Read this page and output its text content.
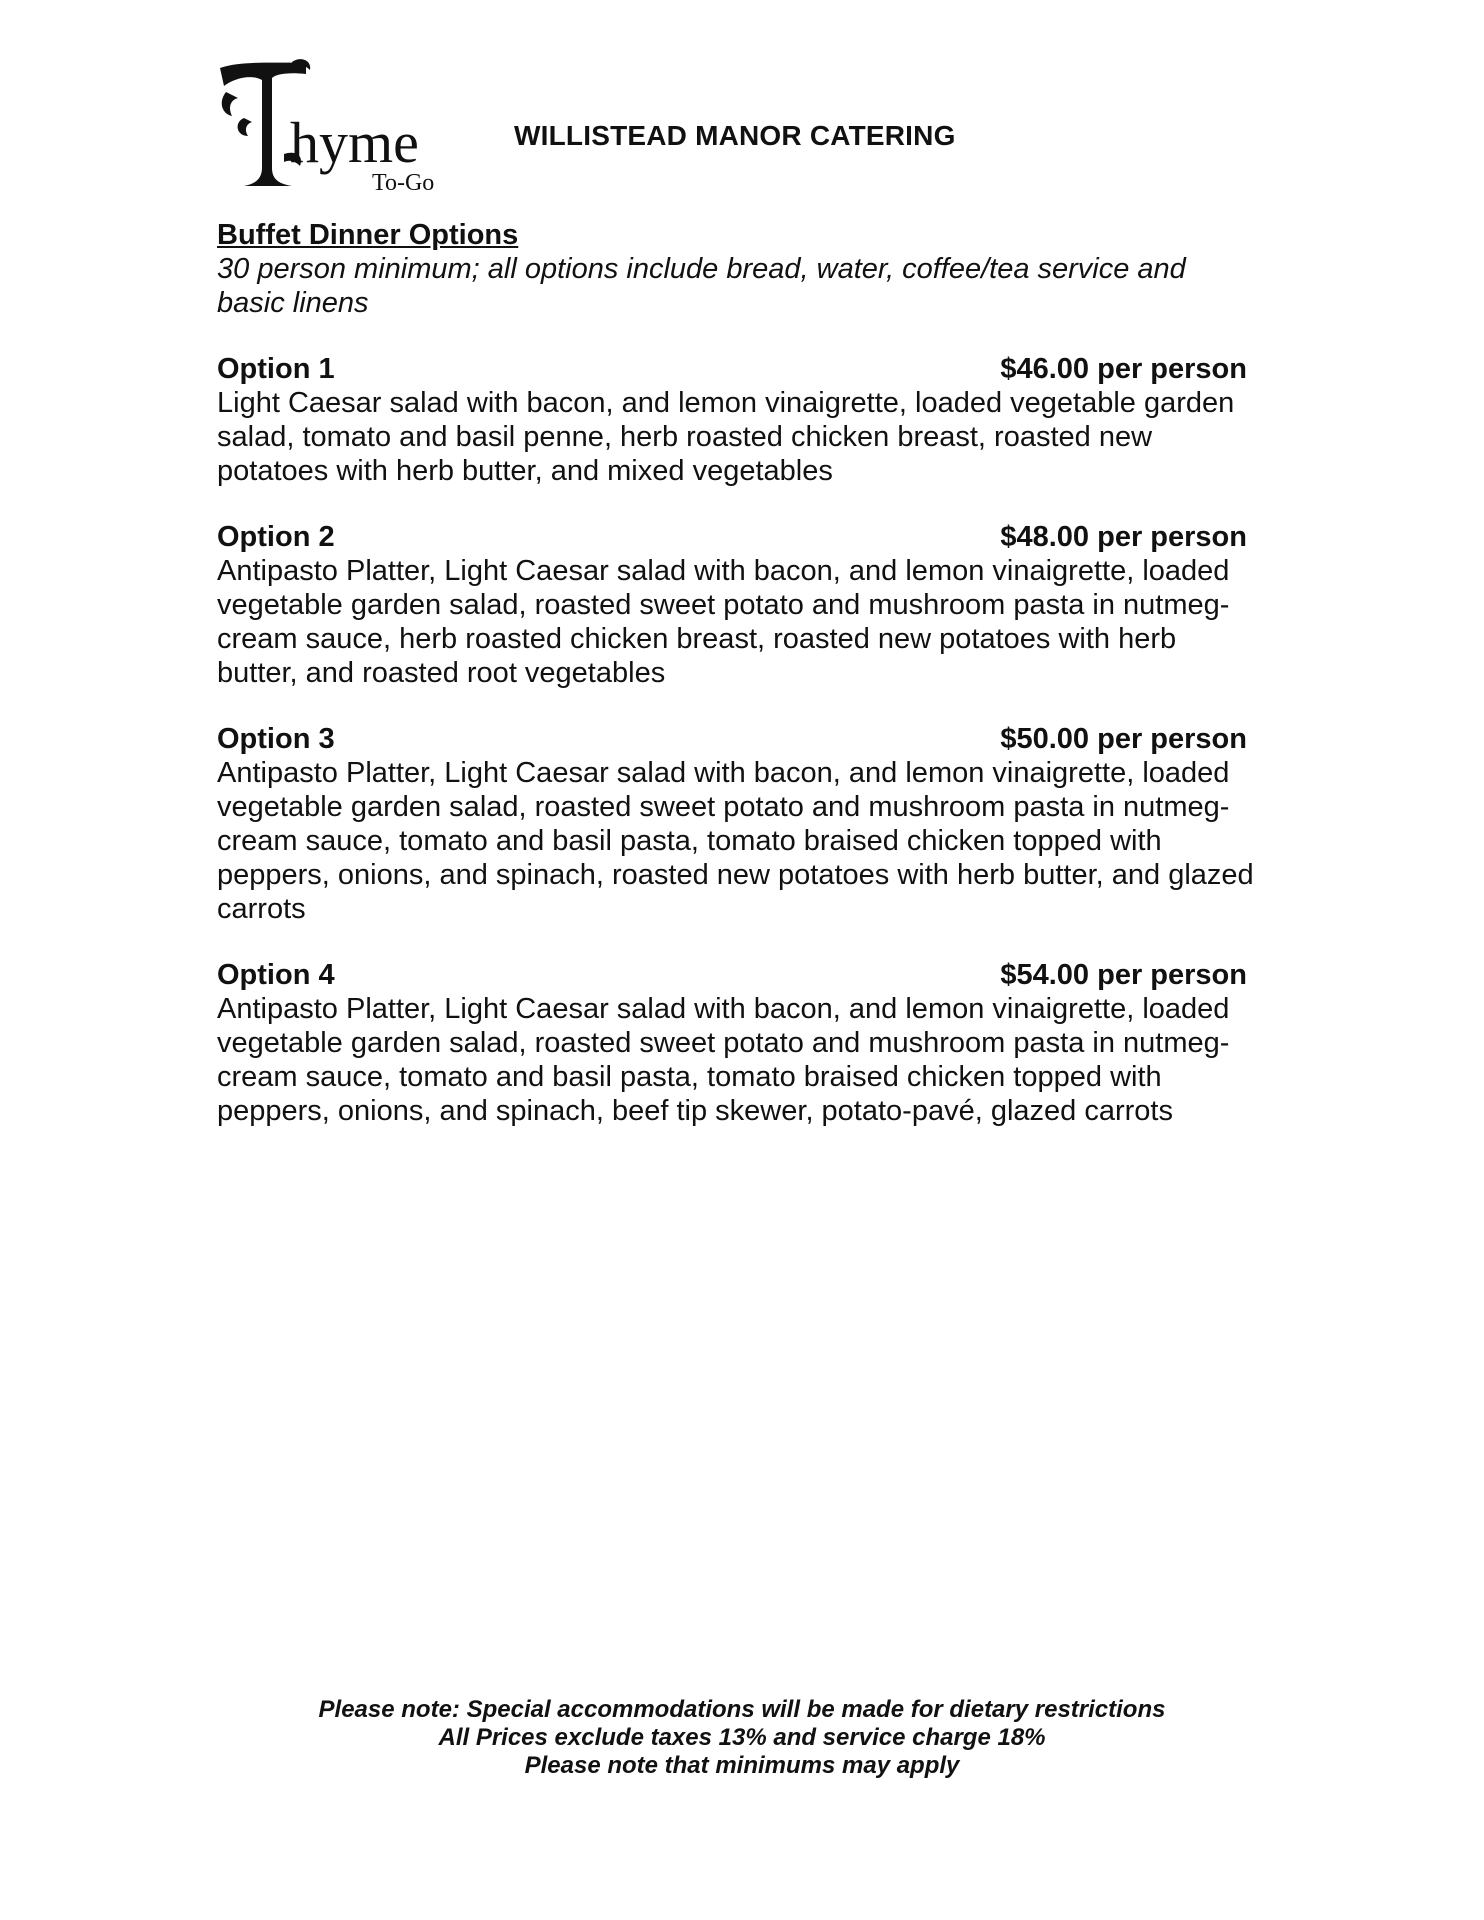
hyme
To-Go
WILLISTEAD MANOR CATERING
Buffet Dinner Options
30 person minimum; all options include bread, water, coffee/tea service and basic linens
Option 1	$46.00 per person
Light Caesar salad with bacon, and lemon vinaigrette, loaded vegetable garden salad, tomato and basil penne, herb roasted chicken breast, roasted new potatoes with herb butter, and mixed vegetables
Option 2	$48.00 per person
Antipasto Platter, Light Caesar salad with bacon, and lemon vinaigrette, loaded vegetable garden salad, roasted sweet potato and mushroom pasta in nutmeg-cream sauce, herb roasted chicken breast, roasted new potatoes with herb butter, and roasted root vegetables
Option 3	$50.00 per person
Antipasto Platter, Light Caesar salad with bacon, and lemon vinaigrette, loaded vegetable garden salad, roasted sweet potato and mushroom pasta in nutmeg-cream sauce, tomato and basil pasta, tomato braised chicken topped with peppers, onions, and spinach, roasted new potatoes with herb butter, and glazed carrots
Option 4	$54.00 per person
Antipasto Platter, Light Caesar salad with bacon, and lemon vinaigrette, loaded vegetable garden salad, roasted sweet potato and mushroom pasta in nutmeg-cream sauce, tomato and basil pasta, tomato braised chicken topped with peppers, onions, and spinach, beef tip skewer, potato-pavé, glazed carrots
Please note: Special accommodations will be made for dietary restrictions
All Prices exclude taxes 13% and service charge 18%
Please note that minimums may apply
